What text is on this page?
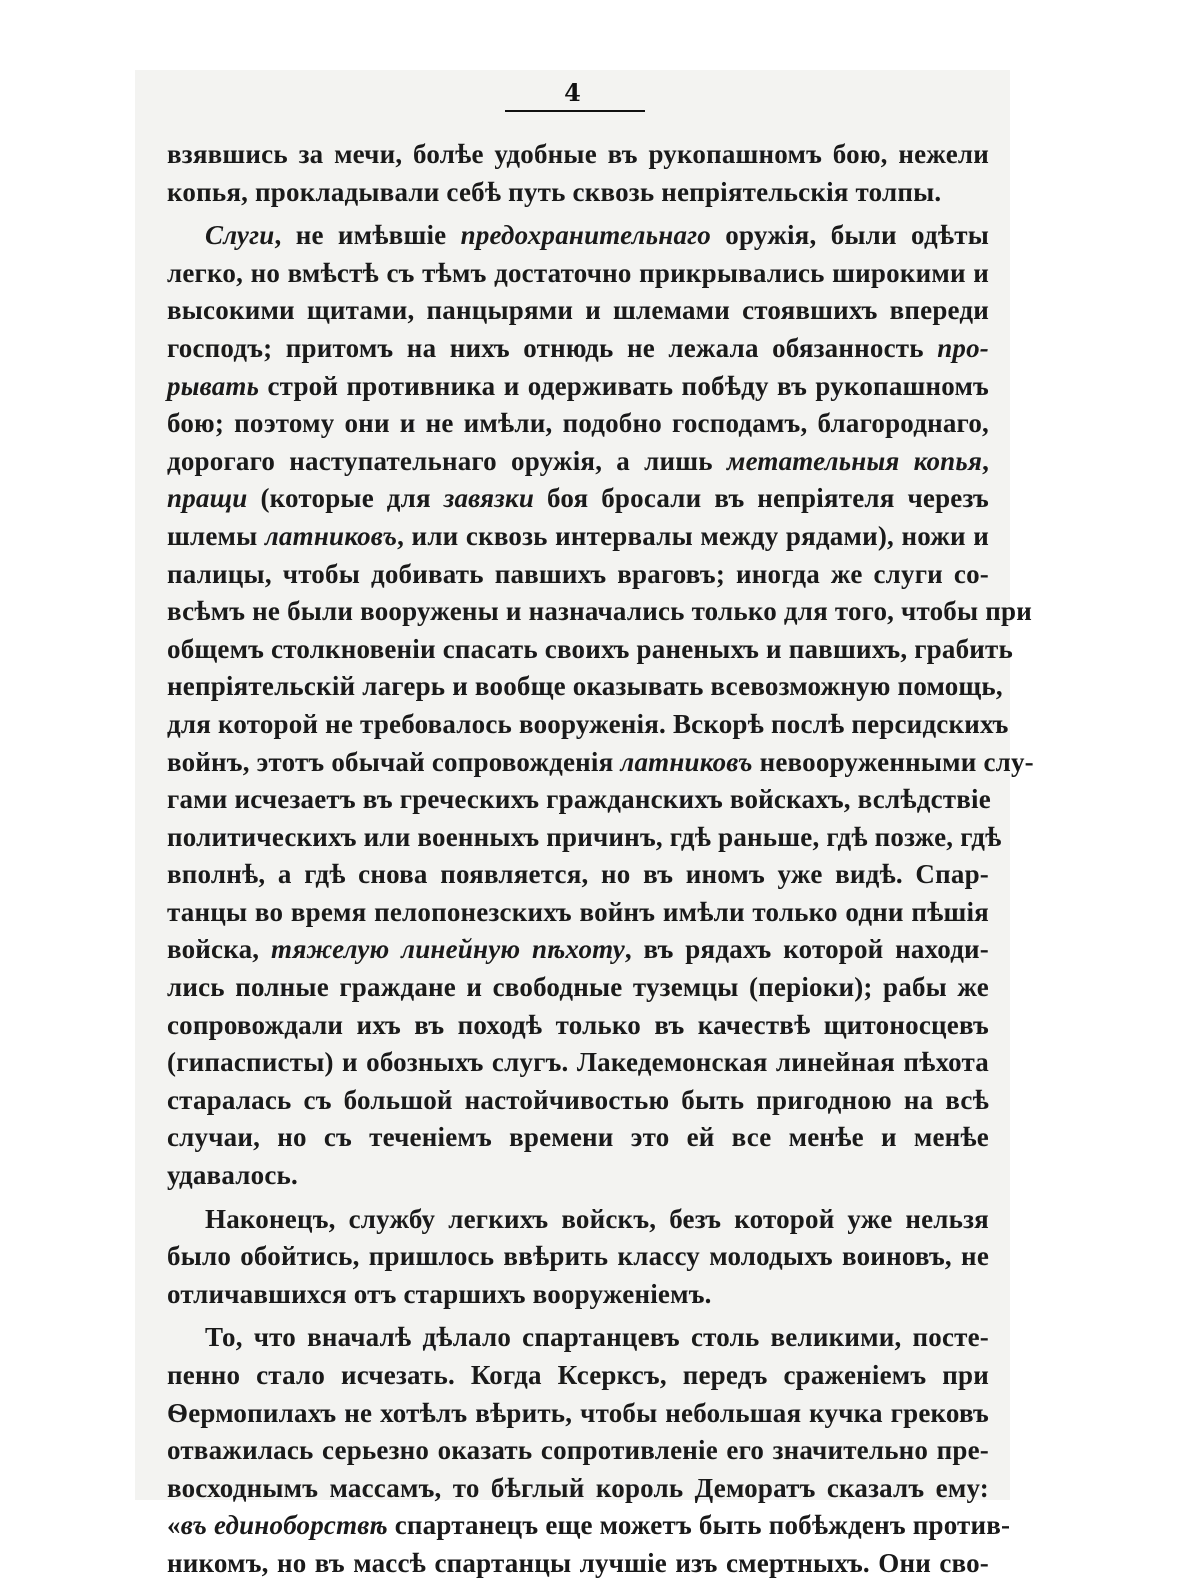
4
взявшись за мечи, болѣе удобные въ рукопашномъ бою, нежели
копья, прокладывали себѣ путь сквозь непріятельскія толпы.
Слуги, не имѣвшіе предохранительнаго оружія, были одѣты
легко, но вмѣстѣ съ тѣмъ достаточно прикрывались широкими и
высокими щитами, панцырями и шлемами стоявшихъ впереди
господъ; притомъ на нихъ отнюдь не лежала обязанность про-
рывать строй противника и одерживать побѣду въ рукопашномъ
бою; поэтому они и не имѣли, подобно господамъ, благороднаго,
дорогаго наступательнаго оружія, а лишь метательныя копья,
пращи (которые для завязки боя бросали въ непріятеля черезъ
шлемы латниковъ, или сквозь интервалы между рядами), ножи и
палицы, чтобы добивать павшихъ враговъ; иногда же слуги со-
всѣмъ не были вооружены и назначались только для того, чтобы при
общемъ столкновеніи спасать своихъ раненыхъ и павшихъ, грабить
непріятельскій лагерь и вообще оказывать всевозможную помощь,
для которой не требовалось вооруженія. Вскорѣ послѣ персидскихъ
войнъ, этотъ обычай сопровожденія латниковъ невооруженными слу-
гами исчезаетъ въ греческихъ гражданскихъ войскахъ, вслѣдствіе
политическихъ или военныхъ причинъ, гдѣ раньше, гдѣ позже, гдѣ
вполнѣ, а гдѣ снова появляется, но въ иномъ уже видѣ. Спар-
танцы во время пелопонезскихъ войнъ имѣли только одни пѣшія
войска, тяжелую линейную пѣхоту, въ рядахъ которой находи-
лись полные граждане и свободные туземцы (періоки); рабы же
сопровождали ихъ въ походѣ только въ качествѣ щитоносцевъ
(гипасписты) и обозныхъ слугъ. Лакедемонская линейная пѣхота
старалась съ большой настойчивостью быть пригодною на всѣ
случаи, но съ теченіемъ времени это ей все менѣе и менѣе
удавалось.
Наконецъ, службу легкихъ войскъ, безъ которой уже нельзя
было обойтись, пришлось ввѣрить классу молодыхъ воиновъ, не
отличавшихся отъ старшихъ вооруженіемъ.
То, что вначалѣ дѣлало спартанцевъ столь великими, посте-
пенно стало исчезать. Когда Ксерксъ, передъ сраженіемъ при
Ѳермопилахъ не хотѣлъ вѣрить, чтобы небольшая кучка грековъ
отважилась серьезно оказать сопротивленіе его значительно пре-
восходнымъ массамъ, то бѣглый король Деморатъ сказалъ ему:
«въ единоборствѣ спартанецъ еще можетъ быть побѣжденъ против-
никомъ, но въ массѣ спартанцы лучшіе изъ смертныхъ. Они сво-
